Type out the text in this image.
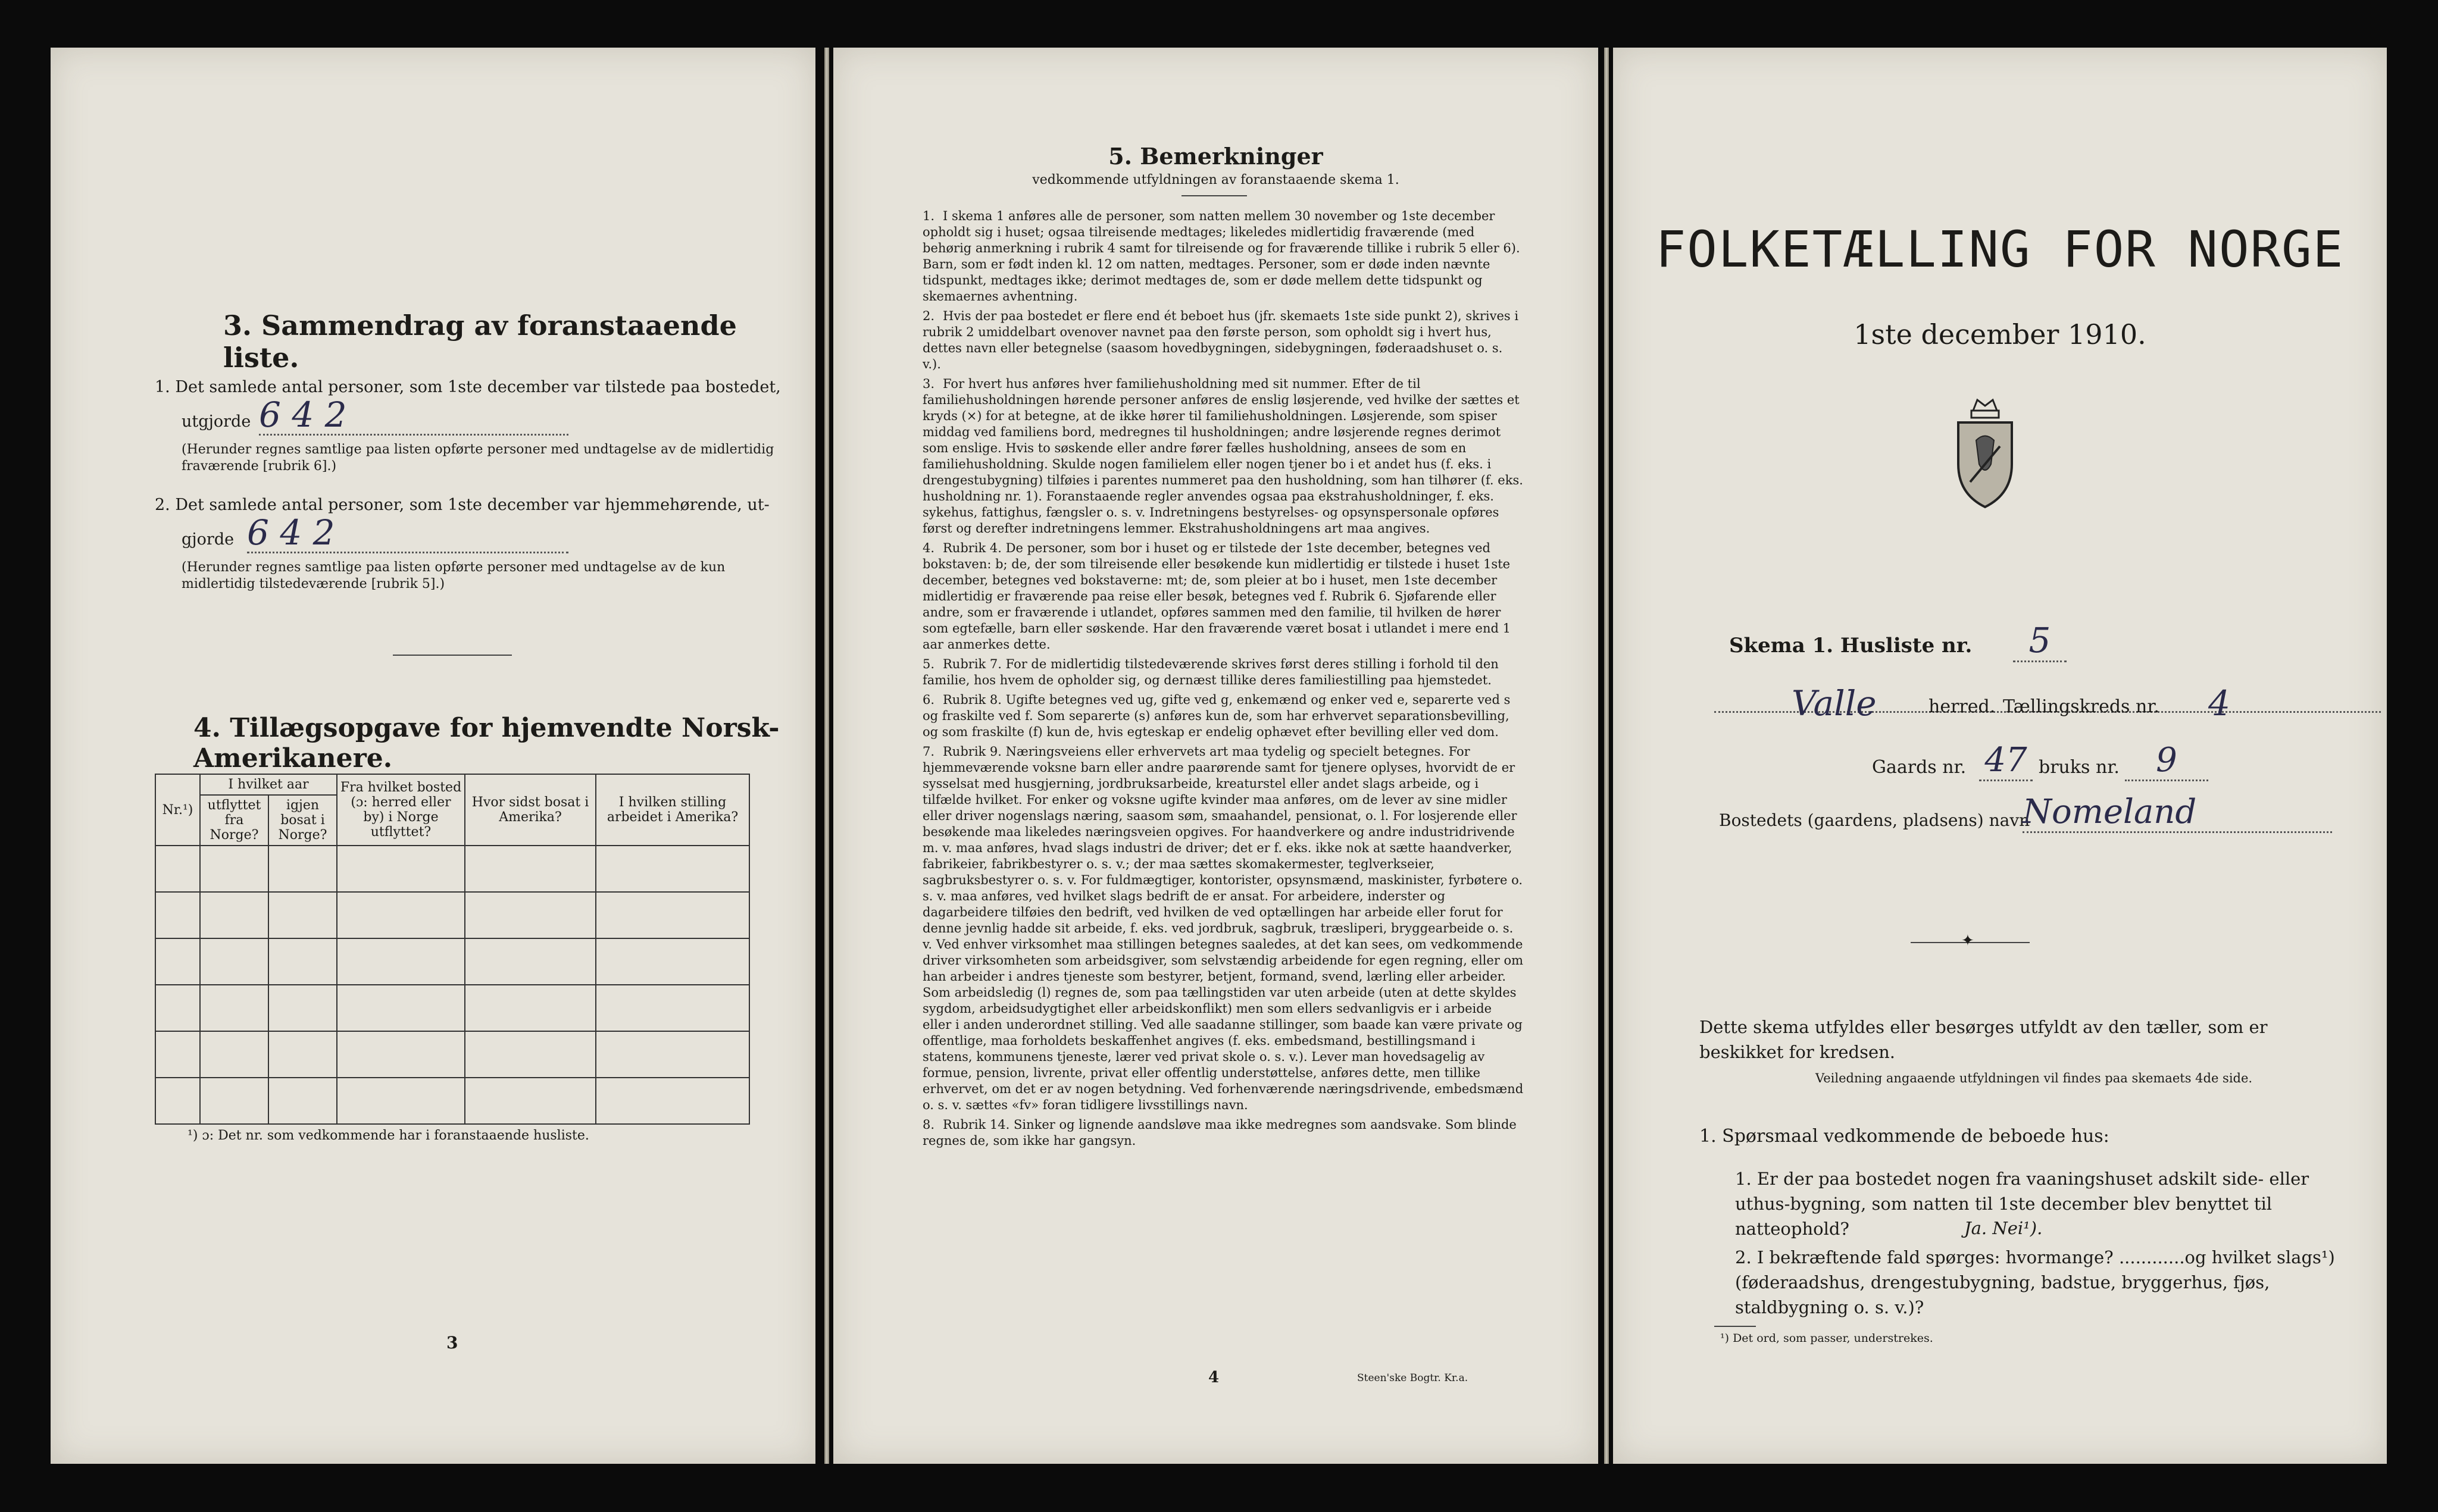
3. Sammendrag av foranstaaende liste.
1. Det samlede antal personer, som 1ste december var tilstede paa bostedet,
utgjorde 6 4 2
(Herunder regnes samtlige paa listen opførte personer med undtagelse av de midlertidig fraværende [rubrik 6].)
2. Det samlede antal personer, som 1ste december var hjemmehørende, ut-
gjorde 6 4 2
(Herunder regnes samtlige paa listen opførte personer med undtagelse av de kun midlertidig tilstedeværende [rubrik 5].)
4. Tillægsopgave for hjemvendte Norsk-Amerikanere.
Nr.¹)	I hvilket aar		Fra hvilket bosted (ɔ: herred eller by) i Norge utflyttet?	Hvor sidst bosat i Amerika?	I hvilken stilling arbeidet i Amerika?
	utflyttet fra Norge?	igjen bosat i Norge?			

¹) ɔ: Det nr. som vedkommende har i foranstaaende husliste.
3
5. Bemerkninger
vedkommende utfyldningen av foranstaaende skema 1.

1. I skema 1 anføres alle de personer, som natten mellem 30 november og 1ste december opholdt sig i huset; ogsaa tilreisende medtages; likeledes midlertidig fraværende (med behørig anmerkning i rubrik 4 samt for tilreisende og for fraværende tillike i rubrik 5 eller 6). Barn, som er født inden kl. 12 om natten, medtages. Personer, som er døde inden nævnte tidspunkt, medtages ikke; derimot medtages de, som er døde mellem dette tidspunkt og skemaernes avhentning.

2. Hvis der paa bostedet er flere end ét beboet hus (jfr. skemaets 1ste side punkt 2), skrives i rubrik 2 umiddelbart ovenover navnet paa den første person, som opholdt sig i hvert hus, dettes navn eller betegnelse (saasom hovedbygningen, sidebygningen, føderaadshuset o. s. v.).

3. For hvert hus anføres hver familiehusholdning med sit nummer. Efter de til familiehusholdningen hørende personer anføres de enslig løsjerende, ved hvilke der sættes et kryds (×) for at betegne, at de ikke hører til familiehusholdningen. Løsjerende, som spiser middag ved familiens bord, medregnes til husholdningen; andre løsjerende regnes derimot som enslige. Hvis to søskende eller andre fører fælles husholdning, ansees de som en familiehusholdning. Skulde nogen familielem eller nogen tjener bo i et andet hus (f. eks. i drengestubygning) tilføies i parentes nummeret paa den husholdning, som han tilhører (f. eks. husholdning nr. 1). Foranstaaende regler anvendes ogsaa paa ekstrahusholdninger, f. eks. sykehus, fattighus, fængsler o. s. v. Indretningens bestyrelses- og opsynspersonale opføres først og derefter indretningens lemmer. Ekstrahusholdningens art maa angives.

4. Rubrik 4. De personer, som bor i huset og er tilstede der 1ste december, betegnes ved bokstaven: b; de, der som tilreisende eller besøkende kun midlertidig er tilstede i huset 1ste december, betegnes ved bokstaverne: mt; de, som pleier at bo i huset, men 1ste december midlertidig er fraværende paa reise eller besøk, betegnes ved f. Rubrik 6. Sjøfarende eller andre, som er fraværende i utlandet, opføres sammen med den familie, til hvilken de hører som egtefælle, barn eller søskende. Har den fraværende været bosat i utlandet i mere end 1 aar anmerkes dette.

5. Rubrik 7. For de midlertidig tilstedeværende skrives først deres stilling i forhold til den familie, hos hvem de opholder sig, og dernæst tillike deres familiestilling paa hjemstedet.

6. Rubrik 8. Ugifte betegnes ved ug, gifte ved g, enkemænd og enker ved e, separerte ved s og fraskilte ved f. Som separerte (s) anføres kun de, som har erhvervet separationsbevilling, og som fraskilte (f) kun de, hvis egteskap er endelig ophævet efter bevilling eller ved dom.

7. Rubrik 9. Næringsveiens eller erhvervets art maa tydelig og specielt betegnes. For hjemmeværende voksne barn eller andre paarørende samt for tjenere oplyses, hvorvidt de er sysselsat med husgjerning, jordbruksarbeide, kreaturstel eller andet slags arbeide, og i tilfælde hvilket. For enker og voksne ugifte kvinder maa anføres, om de lever av sine midler eller driver nogenslags næring, saasom søm, smaahandel, pensionat, o. l. For losjerende eller besøkende maa likeledes næringsveien opgives. For haandverkere og andre industridrivende m. v. maa anføres, hvad slags industri de driver; det er f. eks. ikke nok at sætte haandverker, fabrikeier, fabrikbestyrer o. s. v.; der maa sættes skomakermester, teglverkseier, sagbruksbestyrer o. s. v. For fuldmægtiger, kontorister, opsynsmænd, maskinister, fyrbøtere o. s. v. maa anføres, ved hvilket slags bedrift de er ansat. For arbeidere, inderster og dagarbeidere tilføies den bedrift, ved hvilken de ved optællingen har arbeide eller forut for denne jevnlig hadde sit arbeide, f. eks. ved jordbruk, sagbruk, træsliperi, bryggearbeide o. s. v. Ved enhver virksomhet maa stillingen betegnes saaledes, at det kan sees, om vedkommende driver virksomheten som arbeidsgiver, som selvstændig arbeidende for egen regning, eller om han arbeider i andres tjeneste som bestyrer, betjent, formand, svend, lærling eller arbeider. Som arbeidsledig (l) regnes de, som paa tællingstiden var uten arbeide (uten at dette skyldes sygdom, arbeidsudygtighet eller arbeidskonflikt) men som ellers sedvanligvis er i arbeide eller i anden underordnet stilling. Ved alle saadanne stillinger, som baade kan være private og offentlige, maa forholdets beskaffenhet angives (f. eks. embedsmand, bestillingsmand i statens, kommunens tjeneste, lærer ved privat skole o. s. v.). Lever man hovedsagelig av formue, pension, livrente, privat eller offentlig understøttelse, anføres dette, men tillike erhvervet, om det er av nogen betydning. Ved forhenværende næringsdrivende, embedsmænd o. s. v. sættes «fv» foran tidligere livsstillings navn.

8. Rubrik 14. Sinker og lignende aandsløve maa ikke medregnes som aandsvake. Som blinde regnes de, som ikke har gangsyn.

4	Steen'ske Bogtr. Kr.a.
FOLKETÆLLING FOR NORGE
1ste december 1910.
Skema 1. Husliste nr.	5
Valle	herred. Tællingskreds nr. 4
Gaards nr. 47 bruks nr.	9
Bostedets (gaardens, pladsens) navn
Nomeland
✦
Dette skema utfyldes eller besørges utfyldt av den tæller, som er beskikket for kredsen.
Veiledning angaaende utfyldningen vil findes paa skemaets 4de side.
1. Spørsmaal vedkommende de beboede hus:
1. Er der paa bostedet nogen fra vaaningshuset adskilt side- eller uthus-bygning, som natten til 1ste december blev benyttet til natteophold?	Ja. Nei¹).
2. I bekræftende fald spørges: hvormange? ............og hvilket slags¹) (føderaadshus, drengestubygning, badstue, bryggerhus, fjøs, staldbygning o. s. v.)?
¹) Det ord, som passer, understrekes.
